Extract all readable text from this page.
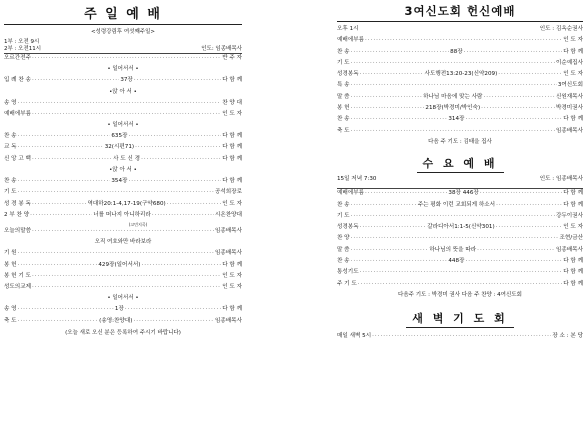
주 일 예 배
<성령강림후 여섯째주일>
1부 : 오전 9시
2부 : 오전11시	인도: 임종배목사
오르간전주 ·····	반 주 자
• 일어서서 •
입 례 찬 송 ·····	37장 ·····	다 함 께
•앉 아 서 •
송 영 ·····	찬 양 대
예배에부름 ·····	인 도 자
• 일어서서 •
찬 송 ·····	635장 ·····	다 함 께
교 독 ·····	32(시편71) ·····	다 함 께
신 앙 고 백 ·····	사 도 신 경 ·····	다 함 께
•앉 아 서 •
찬 송 ·····	354장 ·····	다 함 께
기 도 ·····	공석희장로
성 경 봉 독 ·····	역대하20:1-4,17-19(구약680) ·····	인 도 자
2 부 찬 양 ·····	너를 떠나지 아니하리라 ·····	시온찬양대
(고민지곡)
오늘의말씀 ·····	임종배목사
오직 여호와만 바라보라
기 원 ·····	임종배목사
봉 헌 ·····	429장(일어서서) ·····	다 함 께
봉 헌 기 도 ·····	인 도 자
성도의교제 ·····	인 도 자
• 일어서서 •
송 영 ·····	1장 ·····	다 함 께
축 도 ·····	(송영:찬양대) ·····	임종배목사
(오늘 새로 오신 분은 등록하여 주시기 바랍니다)
3여신도회 헌신예배
오후 1시	인도 : 김옥순권사
예배에부름 ·····	인 도 자
찬 송 ·····	88장 ·····	다 함 께
기 도 ·····	이순예집사
성경봉독 ·····	사도행전13:20-23(신약209) ·····	인 도 자
특 송 ·····	3여신도회
말 씀 ·····	하나님 마음에 맞는 사람 ·····	신원재목사
봉 헌 ·····	218장(박경미/박인숙) ·····	박경미권사
찬 송 ·····	314장 ·····	다 함 께
축 도 ·····	임종배목사
다음 주 기도 : 김태을 집사
수 요 예 배
15일 저녁 7:30	인도 : 임종배목사
예배에부름 ·····	38장 446장 ·····	다 함 께
찬 송 ·····	주는 평화 이런 교회되게 하소서 ·····	다 함 께
기 도 ·····	강두이권사
성경봉독 ·····	갈라디아서1:1-5(신약301) ·····	인 도 자
찬 양 ·····	조현/금산
말 씀 ·····	하나님의 뜻을 따라 ·····	임종배목사
찬 송 ·····	448장 ·····	다 함 께
통성기도 ·····	다 함 께
주 기 도 ·····	다 함 께
다음주 기도 : 박경미 권사 다음 주 찬양 : 4여신도회
새 벽 기 도 회
매일 새벽 5시 ·····	장 소 : 본 당
